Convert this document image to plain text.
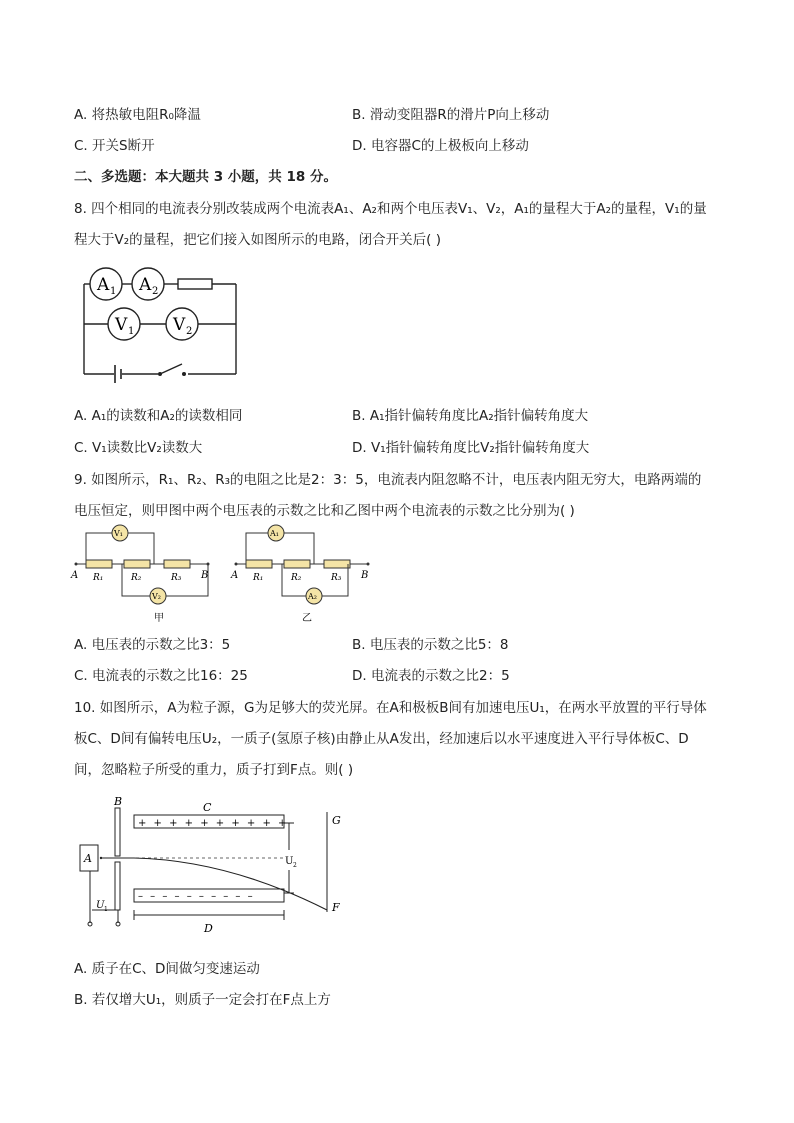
A. 将热敏电阻R₀降温	B. 滑动变阻器R的滑片P向上移动
C. 开关S断开	D. 电容器C的上极板向上移动
二、多选题：本大题共 3 小题，共 18 分。
8. 四个相同的电流表分别改装成两个电流表A₁、A₂和两个电压表V₁、V₂，A₁的量程大于A₂的量程，V₁的量
程大于V₂的量程，把它们接入如图所示的电路，闭合开关后( )
A 1 A 2
V 1 V 2
A. A₁的读数和A₂的读数相同	B. A₁指针偏转角度比A₂指针偏转角度大
C. V₁读数比V₂读数大	D. V₁指针偏转角度比V₂指针偏转角度大
9. 如图所示，R₁、R₂、R₃的电阻之比是2：3：5，电流表内阻忽略不计，电压表内阻无穷大，电路两端的
电压恒定，则甲图中两个电压表的示数之比和乙图中两个电流表的示数之比分别为( )
A	B
R₁	R₂	R₃
V₁
V₂
甲
A	B
R₁	R₂	R₃
A₁
A₂
乙
A. 电压表的示数之比3：5	B. 电压表的示数之比5：8
C. 电流表的示数之比16：25	D. 电流表的示数之比2：5
10. 如图所示，A为粒子源，G为足够大的荧光屏。在A和极板B间有加速电压U₁，在两水平放置的平行导体
板C、D间有偏转电压U₂，一质子(氢原子核)由静止从A发出，经加速后以水平速度进入平行导体板C、D
间，忽略粒子所受的重力，质子打到F点。则( )
+ + + + + + + + + +
– – – – – – – – – –
B	C
G
A	U 2
F
U 1
D
A. 质子在C、D间做匀变速运动
B. 若仅增大U₁，则质子一定会打在F点上方
